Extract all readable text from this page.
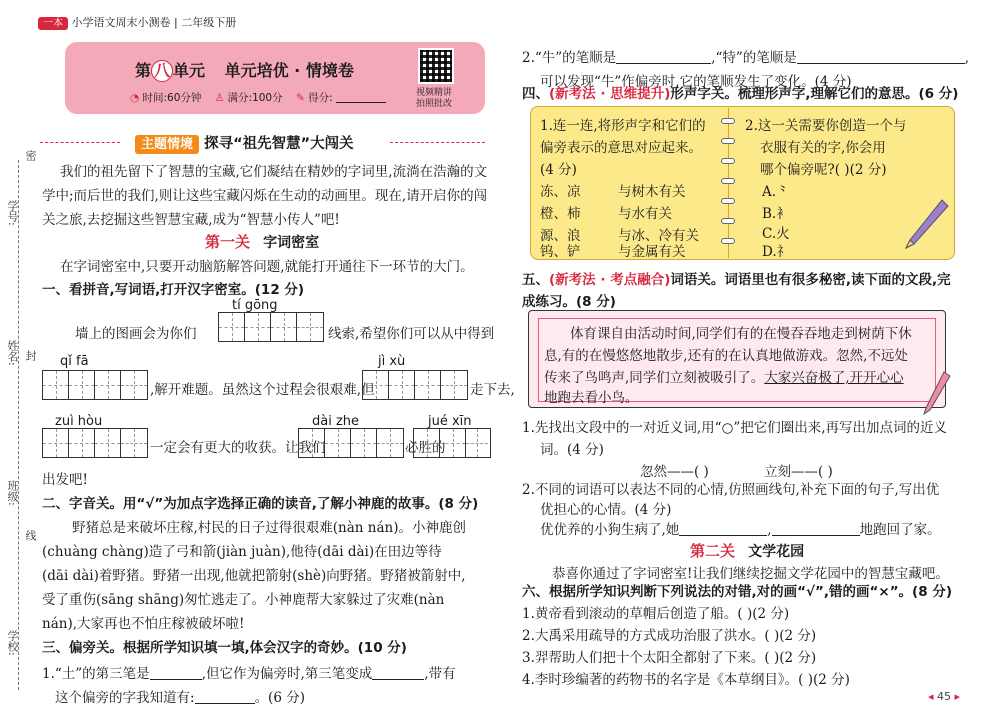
学号:
密
姓名: 封
班级:
线
学校:
一本 小学语文周末小测卷 | 二年级下册
第 八 单元 单元培优 · 情境卷
◔ 时间:60分钟 ♙ 满分:100分 ✎ 得分:	视频精讲
拍照批改
主题情境 探寻“祖先智慧”大闯关
我们的祖先留下了智慧的宝藏,它们凝结在精妙的字词里,流淌在浩瀚的文
学中;而后世的我们,则让这些宝藏闪烁在生动的动画里。现在,请开启你的闯
关之旅,去挖掘这些智慧宝藏,成为“智慧小传人”吧!
第一关 字词密室
在字词密室中,只要开动脑筋解答问题,就能打开通往下一环节的大门。
一、看拼音,写词语,打开汉字密室。(12 分)
tí gōng
墙上的图画会为你们	线索,希望你们可以从中得到
qǐ fā
,解开难题。虽然这个过程会很艰难,但
jì xù
走下去,
zuì hòu
一定会有更大的收获。让我们
dài zhe
必胜的
jué xīn
出发吧!
二、字音关。用“√”为加点字选择正确的读音,了解小神鹿的故事。(8 分)
野猪总是来破坏庄稼,村民的日子过得很艰难(nàn nán)。小神鹿创
(chuàng chàng)造了弓和箭(jiàn juàn),他待(dāi dài)在田边等待
(dāi dài)着野猪。野猪一出现,他就把箭射(shè)向野猪。野猪被箭射中,
受了重伤(sāng shāng)匆忙逃走了。小神鹿帮大家躲过了灾难(nàn
nán),大家再也不怕庄稼被破坏啦!
三、偏旁关。根据所学知识填一填,体会汉字的奇妙。(10 分)
1.“土”的第三笔是	,但它作为偏旁时,第三笔变成	,带有
这个偏旁的字我知道有:	。(6 分)
2.“牛”的笔顺是	,“特”的笔顺是	,
可以发现“牛”作偏旁时,它的笔顺发生了变化。(4 分)
四、(新考法 · 思维提升)形声字关。梳理形声字,理解它们的意思。(6 分)
1.连一连,将形声字和它们的
偏旁表示的意思对应起来。
(4 分)
冻、凉	与树木有关
橙、柿	与水有关
源、浪	与冰、冷有关
钨、铲	与金属有关
2.这一关需要你创造一个与
衣服有关的字,你会用
哪个偏旁呢?( )(2 分)
A.⺀
B.衤
C.火
D.礻
五、(新考法 · 考点融合)词语关。词语里也有很多秘密,读下面的文段,完
成练习。(8 分)
体育课自由活动时间,同学们有的在慢吞吞地走到树荫下休
息,有的在慢悠悠地散步,还有的在认真地做游戏。忽然,不远处
传来了鸟鸣声,同学们立刻被吸引了。大家兴奋极了,开开心心
地跑去看小鸟。
1.先找出文段中的一对近义词,用“○”把它们圈出来,再写出加点词的近义
词。(4 分)
忽然——( )	立刻——( )
2.不同的词语可以表达不同的心情,仿照画线句,补充下面的句子,写出优
优担心的心情。(4 分)
优优养的小狗生病了,她	,	地跑回了家。
第二关 文学花园
恭喜你通过了字词密室!让我们继续挖掘文学花园中的智慧宝藏吧。
六、根据所学知识判断下列说法的对错,对的画“√”,错的画“×”。(8 分)
1.黄帝看到滚动的草帽后创造了船。( )(2 分)
2.大禹采用疏导的方式成功治服了洪水。( )(2 分)
3.羿帮助人们把十个太阳全都射了下来。( )(2 分)
4.李时珍编著的药物书的名字是《本草纲目》。( )(2 分)
◂ 45 ▸
